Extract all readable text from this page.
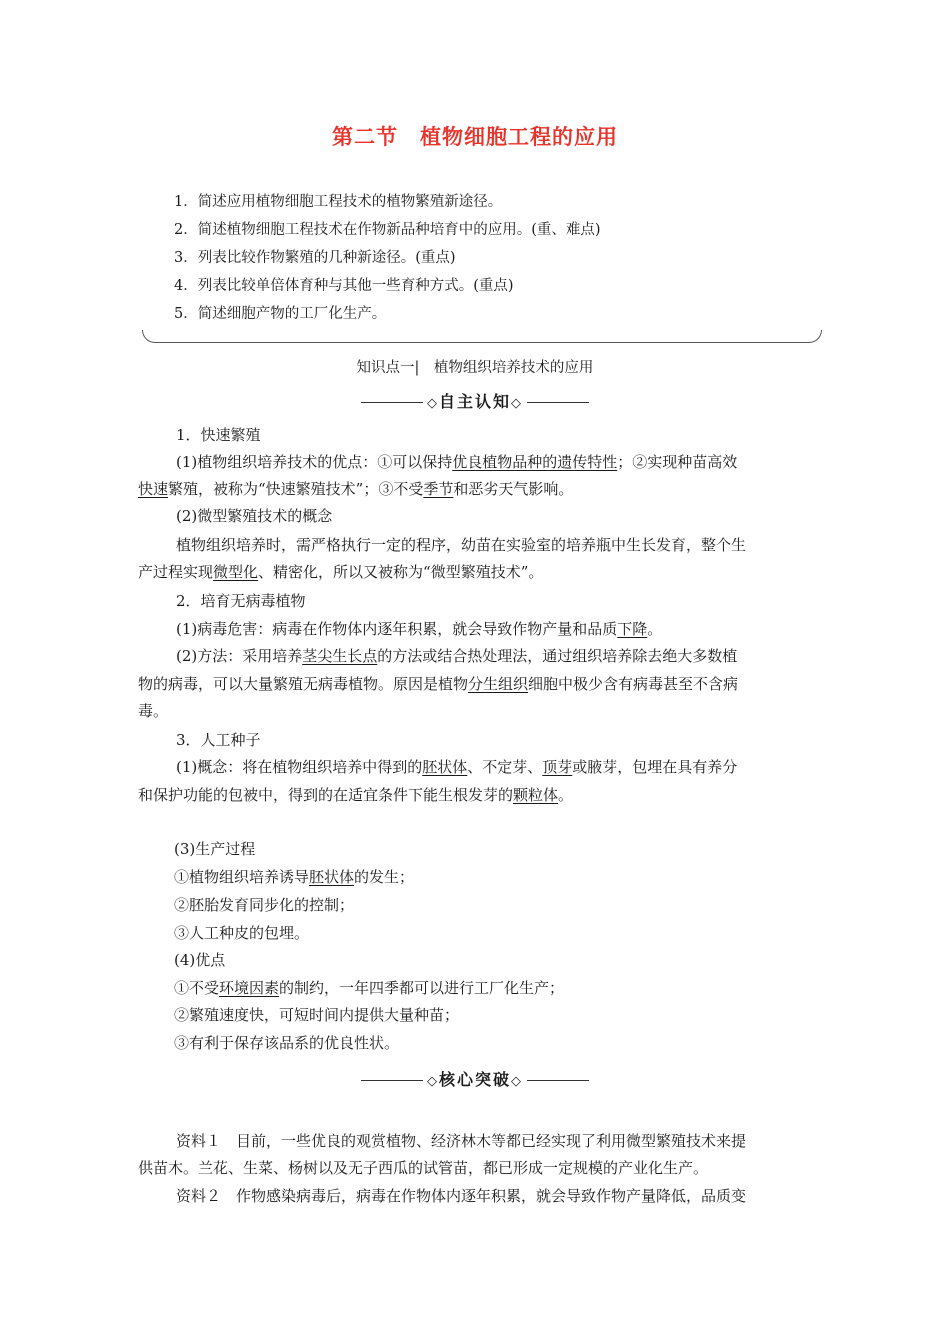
第二节　植物细胞工程的应用
1．简述应用植物细胞工程技术的植物繁殖新途径。
2．简述植物细胞工程技术在作物新品种培育中的应用。(重、难点)
3．列表比较作物繁殖的几种新途径。(重点)
4．列表比较单倍体育种与其他一些育种方式。(重点)
5．简述细胞产物的工厂化生产。
知识点一|　植物组织培养技术的应用
◇自主认知◇
1．快速繁殖
(1)植物组织培养技术的优点：①可以保持优良植物品种的遗传特性；②实现种苗高效
快速繁殖，被称为“快速繁殖技术”；③不受季节和恶劣天气影响。
(2)微型繁殖技术的概念
植物组织培养时，需严格执行一定的程序，幼苗在实验室的培养瓶中生长发育，整个生
产过程实现微型化、精密化，所以又被称为“微型繁殖技术”。
2．培育无病毒植物
(1)病毒危害：病毒在作物体内逐年积累，就会导致作物产量和品质下降。
(2)方法：采用培养茎尖生长点的方法或结合热处理法，通过组织培养除去绝大多数植
物的病毒，可以大量繁殖无病毒植物。原因是植物分生组织细胞中极少含有病毒甚至不含病
毒。
3．人工种子
(1)概念：将在植物组织培养中得到的胚状体、不定芽、顶芽或腋芽，包埋在具有养分
和保护功能的包被中，得到的在适宜条件下能生根发芽的颗粒体。
(3)生产过程
①植物组织培养诱导胚状体的发生；
②胚胎发育同步化的控制；
③人工种皮的包埋。
(4)优点
①不受环境因素的制约，一年四季都可以进行工厂化生产；
②繁殖速度快，可短时间内提供大量种苗；
③有利于保存该品系的优良性状。
◇核心突破◇
资料１　目前，一些优良的观赏植物、经济林木等都已经实现了利用微型繁殖技术来提
供苗木。兰花、生菜、杨树以及无子西瓜的试管苗，都已形成一定规模的产业化生产。
资料２　作物感染病毒后，病毒在作物体内逐年积累，就会导致作物产量降低，品质变
